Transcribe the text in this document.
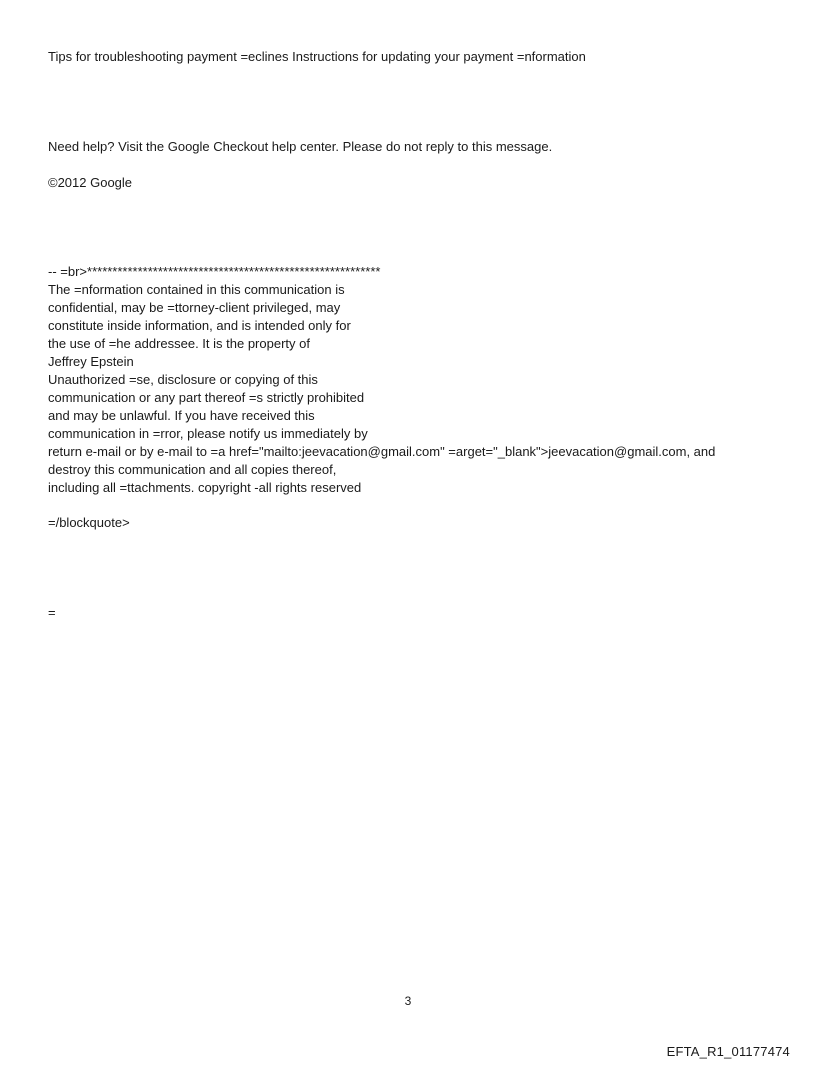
Tips for troubleshooting payment =eclines Instructions for updating your payment =nformation
Need help? Visit the Google Checkout help center. Please do not reply to this message.
©2012 Google
-- =br>**********************************************************
The =nformation contained in this communication is
confidential, may be =ttorney-client privileged, may
constitute inside information, and is intended only for
the use of =he addressee. It is the property of
Jeffrey Epstein
Unauthorized =se, disclosure or copying of this
communication or any part thereof =s strictly prohibited
and may be unlawful. If you have received this
communication in =rror, please notify us immediately by
return e-mail or by e-mail to =a href="mailto:jeevacation@gmail.com" =arget="_blank">jeevacation@gmail.com, and
destroy this communication and all copies thereof,
including all =ttachments. copyright -all rights reserved
=/blockquote>
=
3
EFTA_R1_01177474
